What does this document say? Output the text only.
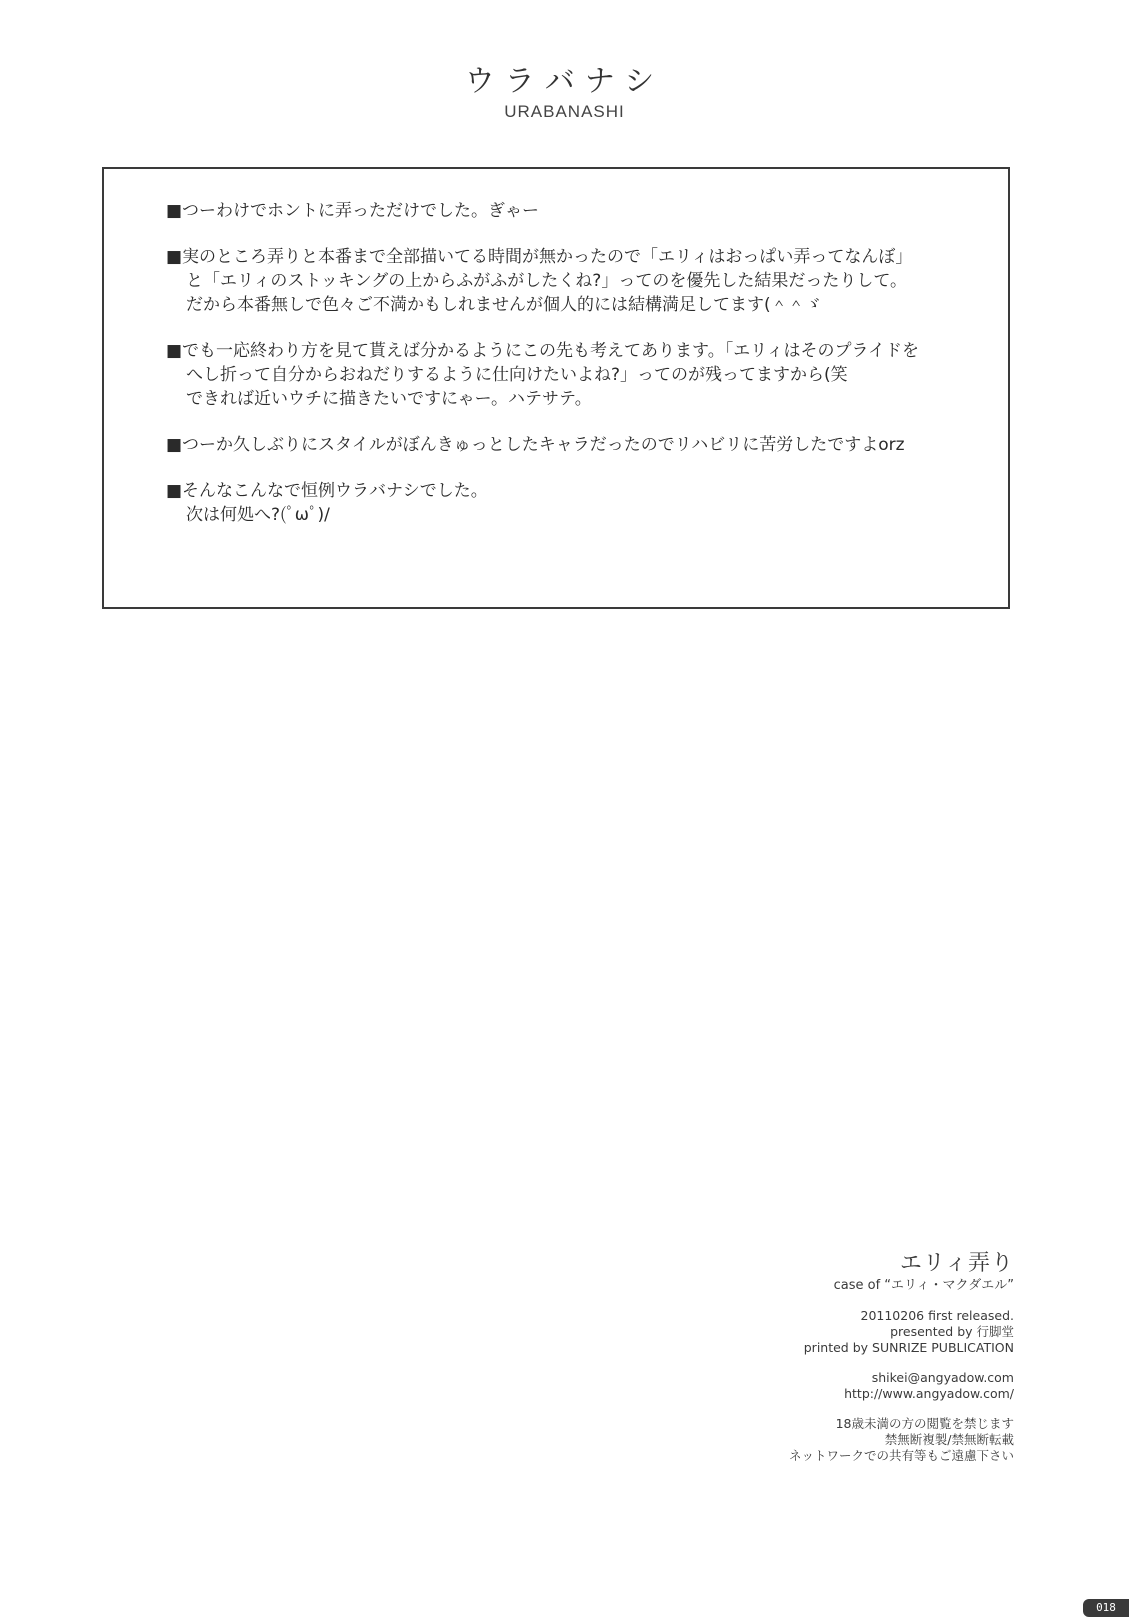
ウラバナシ
URABANASHI
■つーわけでホントに弄っただけでした。ぎゃー
■実のところ弄りと本番まで全部描いてる時間が無かったので「エリィはおっぱい弄ってなんぼ」
と「エリィのストッキングの上からふがふがしたくね?」ってのを優先した結果だったりして。
だから本番無しで色々ご不満かもしれませんが個人的には結構満足してます(＾＾ゞ
■でも一応終わり方を見て貰えば分かるようにこの先も考えてあります。「エリィはそのプライドを
へし折って自分からおねだりするように仕向けたいよね?」ってのが残ってますから(笑
できれば近いウチに描きたいですにゃー。ハテサテ。
■つーか久しぶりにスタイルがぼんきゅっとしたキャラだったのでリハビリに苦労したですよorz
■そんなこんなで恒例ウラバナシでした。
次は何処へ?(ﾟωﾟ)/
エリィ弄り
case of “エリィ・マクダエル”
20110206 first released.
presented by 行脚堂
printed by SUNRIZE PUBLICATION
shikei@angyadow.com
http://www.angyadow.com/
18歳未満の方の閲覧を禁じます
禁無断複製/禁無断転載
ネットワークでの共有等もご遠慮下さい
018
